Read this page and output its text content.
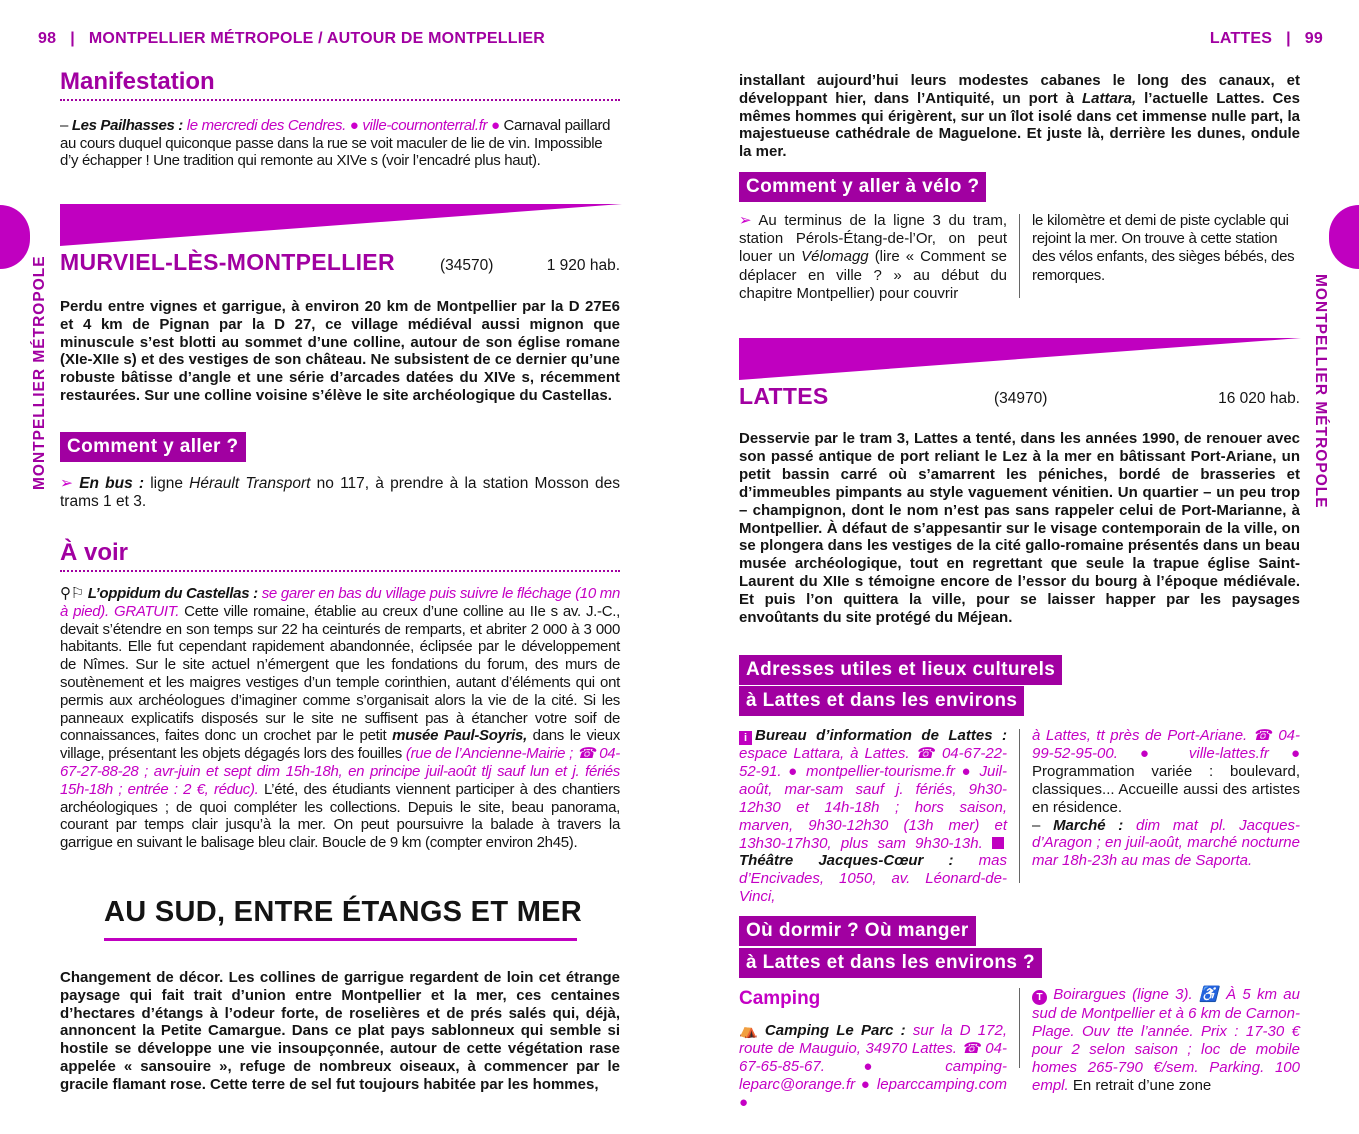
98 | MONTPELLIER MÉTROPOLE / AUTOUR DE MONTPELLIER	LATTES | 99
MONTPELLIER MÉTROPOLE	MONTPELLIER MÉTROPOLE
Manifestation
– Les Pailhasses : le mercredi des Cendres. ● ville-cournonterral.fr ● Carnaval paillard
au cours duquel quiconque passe dans la rue se voit maculer de lie de vin. Impossible
d’y échapper ! Une tradition qui remonte au XIVe s (voir l’encadré plus haut).
MURVIEL-LÈS-MONTPELLIER	(34570)	1 920 hab.
Perdu entre vignes et garrigue, à environ 20 km de Montpellier par la D 27E6 et 4 km de Pignan par la D 27, ce village médiéval aussi mignon que minuscule s’est blotti au sommet d’une colline, autour de son église romane (XIe-XIIe s) et des vestiges de son château. Ne subsistent de ce dernier qu’une robuste bâtisse d’angle et une série d’arcades datées du XIVe s, récemment restaurées. Sur une colline voisine s’élève le site archéologique du Castellas.
Comment y aller ?
➢ En bus : ligne Hérault Transport no 117, à prendre à la station Mosson des trams 1 et 3.
À voir
⚲⚐ L’oppidum du Castellas : se garer en bas du village puis suivre le fléchage (10 mn à pied). GRATUIT. Cette ville romaine, établie au creux d’une colline au IIe s av. J.-C., devait s’étendre en son temps sur 22 ha ceinturés de remparts, et abriter 2 000 à 3 000 habitants. Elle fut cependant rapidement abandonnée, éclipsée par le développement de Nîmes. Sur le site actuel n’émergent que les fondations du forum, des murs de soutènement et les maigres vestiges d’un temple corinthien, autant d’éléments qui ont permis aux archéologues d’imaginer comme s’organisait alors la vie de la cité. Si les panneaux explicatifs disposés sur le site ne suffisent pas à étancher votre soif de connaissances, faites donc un crochet par le petit musée Paul-Soyris, dans le vieux village, présentant les objets dégagés lors des fouilles (rue de l’Ancienne-Mairie ; ☎ 04-67-27-88-28 ; avr-juin et sept dim 15h-18h, en principe juil-août tlj sauf lun et j. fériés 15h-18h ; entrée : 2 €, réduc). L’été, des étudiants viennent participer à des chantiers archéologiques ; de quoi compléter les collections. Depuis le site, beau panorama, courant par temps clair jusqu’à la mer. On peut poursuivre la balade à travers la garrigue en suivant le balisage bleu clair. Boucle de 9 km (compter environ 2h45).
AU SUD, ENTRE ÉTANGS ET MER
Changement de décor. Les collines de garrigue regardent de loin cet étrange paysage qui fait trait d’union entre Montpellier et la mer, ces centaines d’hectares d’étangs à l’odeur forte, de roselières et de prés salés qui, déjà, annoncent la Petite Camargue. Dans ce plat pays sablonneux qui semble si hostile se développe une vie insoupçonnée, autour de cette végétation rase appelée « sansouire », refuge de nombreux oiseaux, à commencer par le gracile flamant rose. Cette terre de sel fut toujours habitée par les hommes,
installant aujourd’hui leurs modestes cabanes le long des canaux, et développant hier, dans l’Antiquité, un port à Lattara, l’actuelle Lattes. Ces mêmes hommes qui érigèrent, sur un îlot isolé dans cet immense nulle part, la majestueuse cathédrale de Maguelone. Et juste là, derrière les dunes, ondule la mer.
Comment y aller à vélo ?
➢ Au terminus de la ligne 3 du tram, station Pérols-Étang-de-l’Or, on peut louer un Vélomagg (lire « Comment se déplacer en ville ? » au début du chapitre Montpellier) pour couvrir
le kilomètre et demi de piste cyclable qui rejoint la mer. On trouve à cette station des vélos enfants, des sièges bébés, des remorques.
LATTES	(34970)	16 020 hab.
Desservie par le tram 3, Lattes a tenté, dans les années 1990, de renouer avec son passé antique de port reliant le Lez à la mer en bâtissant Port-Ariane, un petit bassin carré où s’amarrent les péniches, bordé de brasseries et d’immeubles pimpants au style vaguement vénitien. Un quartier – un peu trop – champignon, dont le nom n’est pas sans rappeler celui de Port-Marianne, à Montpellier. À défaut de s’appesantir sur le visage contemporain de la ville, on se plongera dans les vestiges de la cité gallo-romaine présentés dans un beau musée archéologique, tout en regrettant que seule la trapue église Saint-Laurent du XIIe s témoigne encore de l’essor du bourg à l’époque médiévale. Et puis l’on quittera la ville, pour se laisser happer par les paysages envoûtants du site protégé du Méjean.
Adresses utiles et lieux culturels
à Lattes et dans les environs
i Bureau d’information de Lattes : espace Lattara, à Lattes. ☎ 04-67-22-52-91. ● montpellier-tourisme.fr ● Juil-août, mar-sam sauf j. fériés, 9h30-12h30 et 14h-18h ; hors saison, marven, 9h30-12h30 (13h mer) et 13h30-17h30, plus sam 9h30-13h. Théâtre Jacques-Cœur : mas d’Encivades, 1050, av. Léonard-de-Vinci,
à Lattes, tt près de Port-Ariane. ☎ 04-99-52-95-00. ● ville-lattes.fr ● Programmation variée : boulevard, classiques... Accueille aussi des artistes en résidence.
– Marché : dim mat pl. Jacques-d’Aragon ; en juil-août, marché nocturne mar 18h-23h au mas de Saporta.
Où dormir ? Où manger
à Lattes et dans les environs ?
Camping
⛺ Camping Le Parc : sur la D 172, route de Mauguio, 34970 Lattes. ☎ 04-67-65-85-67. ● camping-leparc@orange.fr ● leparccamping.com ●
T Boirargues (ligne 3). ♿ À 5 km au sud de Montpellier et à 6 km de Carnon-Plage. Ouv tte l’année. Prix : 17-30 € pour 2 selon saison ; loc de mobile homes 265-790 €/sem. Parking. 100 empl. En retrait d’une zone
